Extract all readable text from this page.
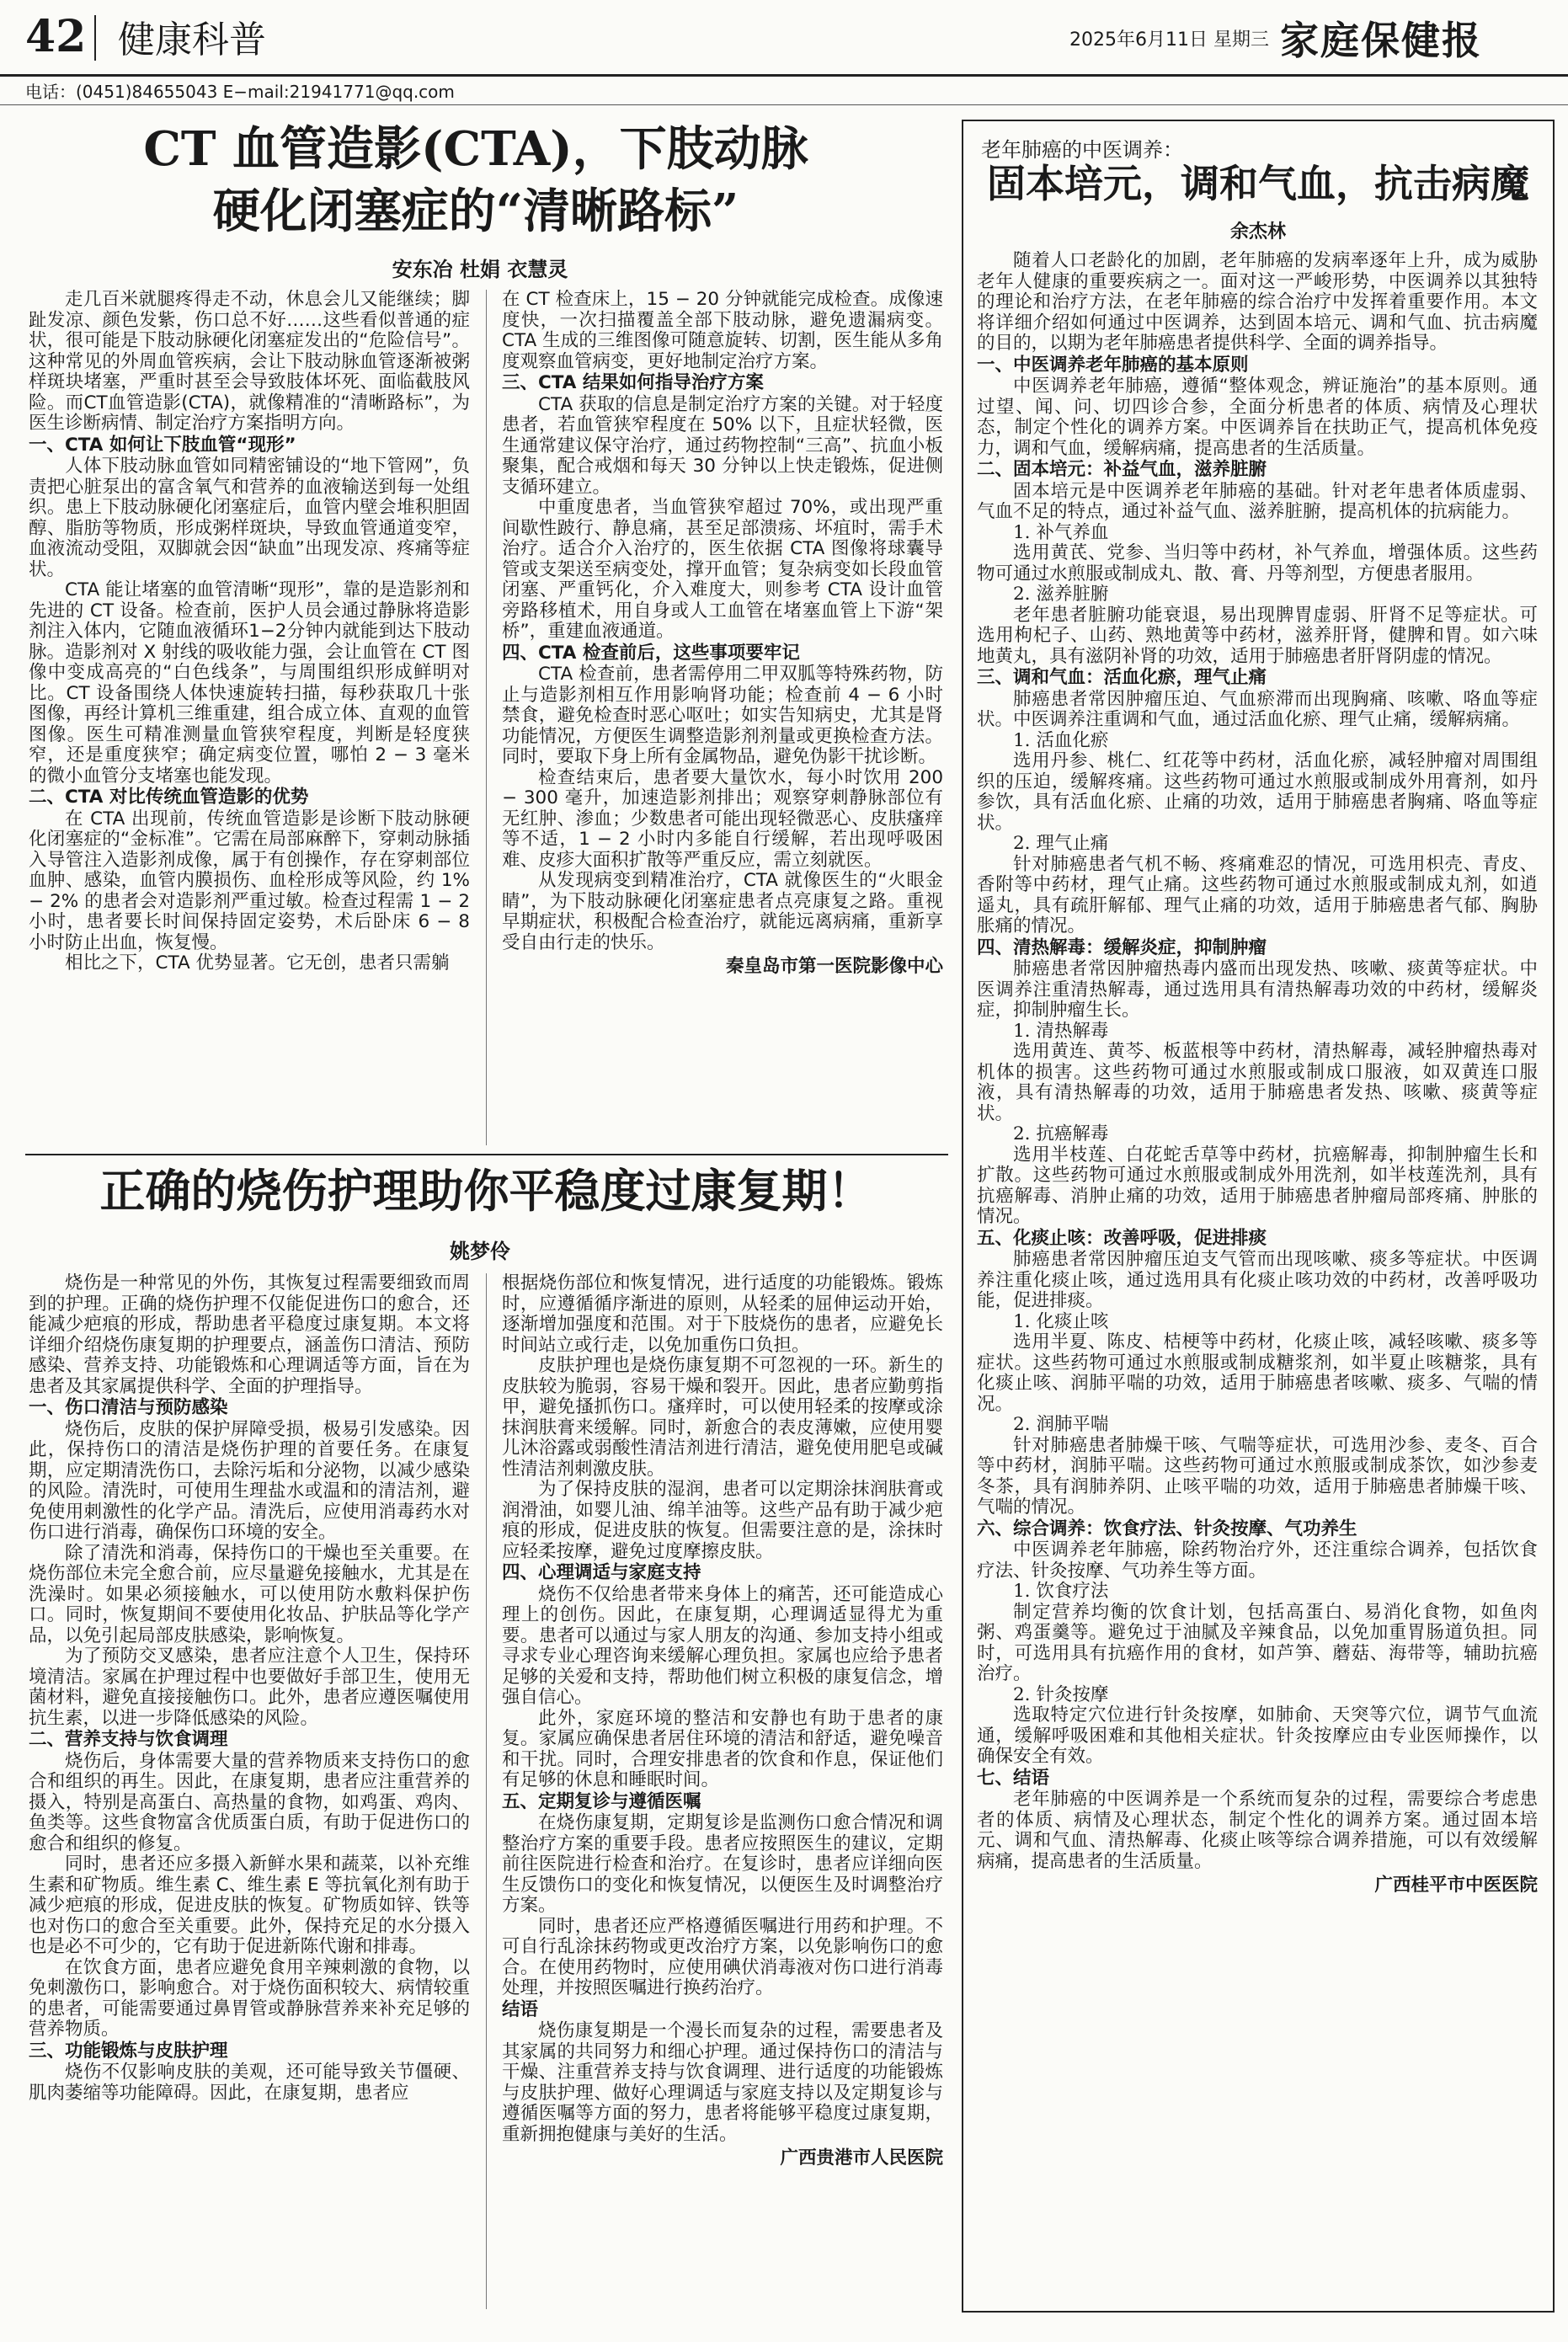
42 健康科普	2025年6月11日 星期三 家庭保健报
电话：(0451)84655043 E−mail:21941771@qq.com
CT 血管造影(CTA)，下肢动脉
硬化闭塞症的“清晰路标”
安东冶 杜娟 衣慧灵

走几百米就腿疼得走不动，休息会儿又能继续；脚趾发凉、颜色发紫，伤口总不好……这些看似普通的症状，很可能是下肢动脉硬化闭塞症发出的“危险信号”。这种常见的外周血管疾病，会让下肢动脉血管逐渐被粥样斑块堵塞，严重时甚至会导致肢体坏死、面临截肢风险。而CT血管造影(CTA)，就像精准的“清晰路标”，为医生诊断病情、制定治疗方案指明方向。

一、CTA 如何让下肢血管“现形”

人体下肢动脉血管如同精密铺设的“地下管网”，负责把心脏泵出的富含氧气和营养的血液输送到每一处组织。患上下肢动脉硬化闭塞症后，血管内壁会堆积胆固醇、脂肪等物质，形成粥样斑块，导致血管通道变窄，血液流动受阻，双脚就会因“缺血”出现发凉、疼痛等症状。

CTA 能让堵塞的血管清晰“现形”，靠的是造影剂和先进的 CT 设备。检查前，医护人员会通过静脉将造影剂注入体内，它随血液循环1−2分钟内就能到达下肢动脉。造影剂对 X 射线的吸收能力强，会让血管在 CT 图像中变成高亮的“白色线条”，与周围组织形成鲜明对比。CT 设备围绕人体快速旋转扫描，每秒获取几十张图像，再经计算机三维重建，组合成立体、直观的血管图像。医生可精准测量血管狭窄程度，判断是轻度狭窄，还是重度狭窄；确定病变位置，哪怕 2 − 3 毫米的微小血管分支堵塞也能发现。

二、CTA 对比传统血管造影的优势

在 CTA 出现前，传统血管造影是诊断下肢动脉硬化闭塞症的“金标准”。它需在局部麻醉下，穿刺动脉插入导管注入造影剂成像，属于有创操作，存在穿刺部位血肿、感染，血管内膜损伤、血栓形成等风险，约 1% − 2% 的患者会对造影剂严重过敏。检查过程需 1 − 2 小时，患者要长时间保持固定姿势，术后卧床 6 − 8 小时防止出血，恢复慢。

相比之下，CTA 优势显著。它无创，患者只需躺

在 CT 检查床上，15 − 20 分钟就能完成检查。成像速度快，一次扫描覆盖全部下肢动脉，避免遗漏病变。CTA 生成的三维图像可随意旋转、切割，医生能从多角度观察血管病变，更好地制定治疗方案。

三、CTA 结果如何指导治疗方案

CTA 获取的信息是制定治疗方案的关键。对于轻度患者，若血管狭窄程度在 50% 以下，且症状轻微，医生通常建议保守治疗，通过药物控制“三高”、抗血小板聚集，配合戒烟和每天 30 分钟以上快走锻炼，促进侧支循环建立。

中重度患者，当血管狭窄超过 70%，或出现严重间歇性跛行、静息痛，甚至足部溃疡、坏疽时，需手术治疗。适合介入治疗的，医生依据 CTA 图像将球囊导管或支架送至病变处，撑开血管；复杂病变如长段血管闭塞、严重钙化，介入难度大，则参考 CTA 设计血管旁路移植术，用自身或人工血管在堵塞血管上下游“架桥”，重建血液通道。

四、CTA 检查前后，这些事项要牢记

CTA 检查前，患者需停用二甲双胍等特殊药物，防止与造影剂相互作用影响肾功能；检查前 4 − 6 小时禁食，避免检查时恶心呕吐；如实告知病史，尤其是肾功能情况，方便医生调整造影剂剂量或更换检查方法。同时，要取下身上所有金属物品，避免伪影干扰诊断。

检查结束后，患者要大量饮水，每小时饮用 200 − 300 毫升，加速造影剂排出；观察穿刺静脉部位有无红肿、渗血；少数患者可能出现轻微恶心、皮肤瘙痒等不适，1 − 2 小时内多能自行缓解，若出现呼吸困难、皮疹大面积扩散等严重反应，需立刻就医。

从发现病变到精准治疗，CTA 就像医生的“火眼金睛”，为下肢动脉硬化闭塞症患者点亮康复之路。重视早期症状，积极配合检查治疗，就能远离病痛，重新享受自由行走的快乐。

秦皇岛市第一医院影像中心
正确的烧伤护理助你平稳度过康复期！
姚梦伶

烧伤是一种常见的外伤，其恢复过程需要细致而周到的护理。正确的烧伤护理不仅能促进伤口的愈合，还能减少疤痕的形成，帮助患者平稳度过康复期。本文将详细介绍烧伤康复期的护理要点，涵盖伤口清洁、预防感染、营养支持、功能锻炼和心理调适等方面，旨在为患者及其家属提供科学、全面的护理指导。

一、伤口清洁与预防感染

烧伤后，皮肤的保护屏障受损，极易引发感染。因此，保持伤口的清洁是烧伤护理的首要任务。在康复期，应定期清洗伤口，去除污垢和分泌物，以减少感染的风险。清洗时，可使用生理盐水或温和的清洁剂，避免使用刺激性的化学产品。清洗后，应使用消毒药水对伤口进行消毒，确保伤口环境的安全。

除了清洗和消毒，保持伤口的干燥也至关重要。在烧伤部位未完全愈合前，应尽量避免接触水，尤其是在洗澡时。如果必须接触水，可以使用防水敷料保护伤口。同时，恢复期间不要使用化妆品、护肤品等化学产品，以免引起局部皮肤感染，影响恢复。

为了预防交叉感染，患者应注意个人卫生，保持环境清洁。家属在护理过程中也要做好手部卫生，使用无菌材料，避免直接接触伤口。此外，患者应遵医嘱使用抗生素，以进一步降低感染的风险。

二、营养支持与饮食调理

烧伤后，身体需要大量的营养物质来支持伤口的愈合和组织的再生。因此，在康复期，患者应注重营养的摄入，特别是高蛋白、高热量的食物，如鸡蛋、鸡肉、鱼类等。这些食物富含优质蛋白质，有助于促进伤口的愈合和组织的修复。

同时，患者还应多摄入新鲜水果和蔬菜，以补充维生素和矿物质。维生素 C、维生素 E 等抗氧化剂有助于减少疤痕的形成，促进皮肤的恢复。矿物质如锌、铁等也对伤口的愈合至关重要。此外，保持充足的水分摄入也是必不可少的，它有助于促进新陈代谢和排毒。

在饮食方面，患者应避免食用辛辣刺激的食物，以免刺激伤口，影响愈合。对于烧伤面积较大、病情较重的患者，可能需要通过鼻胃管或静脉营养来补充足够的营养物质。

三、功能锻炼与皮肤护理

烧伤不仅影响皮肤的美观，还可能导致关节僵硬、肌肉萎缩等功能障碍。因此，在康复期，患者应

根据烧伤部位和恢复情况，进行适度的功能锻炼。锻炼时，应遵循循序渐进的原则，从轻柔的屈伸运动开始，逐渐增加强度和范围。对于下肢烧伤的患者，应避免长时间站立或行走，以免加重伤口负担。

皮肤护理也是烧伤康复期不可忽视的一环。新生的皮肤较为脆弱，容易干燥和裂开。因此，患者应勤剪指甲，避免搔抓伤口。瘙痒时，可以使用轻柔的按摩或涂抹润肤膏来缓解。同时，新愈合的表皮薄嫩，应使用婴儿沐浴露或弱酸性清洁剂进行清洁，避免使用肥皂或碱性清洁剂刺激皮肤。

为了保持皮肤的湿润，患者可以定期涂抹润肤膏或润滑油，如婴儿油、绵羊油等。这些产品有助于减少疤痕的形成，促进皮肤的恢复。但需要注意的是，涂抹时应轻柔按摩，避免过度摩擦皮肤。

四、心理调适与家庭支持

烧伤不仅给患者带来身体上的痛苦，还可能造成心理上的创伤。因此，在康复期，心理调适显得尤为重要。患者可以通过与家人朋友的沟通、参加支持小组或寻求专业心理咨询来缓解心理负担。家属也应给予患者足够的关爱和支持，帮助他们树立积极的康复信念，增强自信心。

此外，家庭环境的整洁和安静也有助于患者的康复。家属应确保患者居住环境的清洁和舒适，避免噪音和干扰。同时，合理安排患者的饮食和作息，保证他们有足够的休息和睡眠时间。

五、定期复诊与遵循医嘱

在烧伤康复期，定期复诊是监测伤口愈合情况和调整治疗方案的重要手段。患者应按照医生的建议，定期前往医院进行检查和治疗。在复诊时，患者应详细向医生反馈伤口的变化和恢复情况，以便医生及时调整治疗方案。

同时，患者还应严格遵循医嘱进行用药和护理。不可自行乱涂抹药物或更改治疗方案，以免影响伤口的愈合。在使用药物时，应使用碘伏消毒液对伤口进行消毒处理，并按照医嘱进行换药治疗。

结语

烧伤康复期是一个漫长而复杂的过程，需要患者及其家属的共同努力和细心护理。通过保持伤口的清洁与干燥、注重营养支持与饮食调理、进行适度的功能锻炼与皮肤护理、做好心理调适与家庭支持以及定期复诊与遵循医嘱等方面的努力，患者将能够平稳度过康复期，重新拥抱健康与美好的生活。

广西贵港市人民医院
老年肺癌的中医调养：
固本培元，调和气血，抗击病魔
余杰林

随着人口老龄化的加剧，老年肺癌的发病率逐年上升，成为威胁老年人健康的重要疾病之一。面对这一严峻形势，中医调养以其独特的理论和治疗方法，在老年肺癌的综合治疗中发挥着重要作用。本文将详细介绍如何通过中医调养，达到固本培元、调和气血、抗击病魔的目的，以期为老年肺癌患者提供科学、全面的调养指导。

一、中医调养老年肺癌的基本原则

中医调养老年肺癌，遵循“整体观念，辨证施治”的基本原则。通过望、闻、问、切四诊合参，全面分析患者的体质、病情及心理状态，制定个性化的调养方案。中医调养旨在扶助正气，提高机体免疫力，调和气血，缓解病痛，提高患者的生活质量。

二、固本培元：补益气血，滋养脏腑

固本培元是中医调养老年肺癌的基础。针对老年患者体质虚弱、气血不足的特点，通过补益气血、滋养脏腑，提高机体的抗病能力。

1. 补气养血

选用黄芪、党参、当归等中药材，补气养血，增强体质。这些药物可通过水煎服或制成丸、散、膏、丹等剂型，方便患者服用。

2. 滋养脏腑

老年患者脏腑功能衰退，易出现脾胃虚弱、肝肾不足等症状。可选用枸杞子、山药、熟地黄等中药材，滋养肝肾，健脾和胃。如六味地黄丸，具有滋阴补肾的功效，适用于肺癌患者肝肾阴虚的情况。

三、调和气血：活血化瘀，理气止痛

肺癌患者常因肿瘤压迫、气血瘀滞而出现胸痛、咳嗽、咯血等症状。中医调养注重调和气血，通过活血化瘀、理气止痛，缓解病痛。

1. 活血化瘀

选用丹参、桃仁、红花等中药材，活血化瘀，减轻肿瘤对周围组织的压迫，缓解疼痛。这些药物可通过水煎服或制成外用膏剂，如丹参饮，具有活血化瘀、止痛的功效，适用于肺癌患者胸痛、咯血等症状。

2. 理气止痛

针对肺癌患者气机不畅、疼痛难忍的情况，可选用枳壳、青皮、香附等中药材，理气止痛。这些药物可通过水煎服或制成丸剂，如逍遥丸，具有疏肝解郁、理气止痛的功效，适用于肺癌患者气郁、胸胁胀痛的情况。

四、清热解毒：缓解炎症，抑制肿瘤

肺癌患者常因肿瘤热毒内盛而出现发热、咳嗽、痰黄等症状。中医调养注重清热解毒，通过选用具有清热解毒功效的中药材，缓解炎症，抑制肿瘤生长。

1. 清热解毒

选用黄连、黄芩、板蓝根等中药材，清热解毒，减轻肿瘤热毒对机体的损害。这些药物可通过水煎服或制成口服液，如双黄连口服液，具有清热解毒的功效，适用于肺癌患者发热、咳嗽、痰黄等症状。

2. 抗癌解毒

选用半枝莲、白花蛇舌草等中药材，抗癌解毒，抑制肿瘤生长和扩散。这些药物可通过水煎服或制成外用洗剂，如半枝莲洗剂，具有抗癌解毒、消肿止痛的功效，适用于肺癌患者肿瘤局部疼痛、肿胀的情况。

五、化痰止咳：改善呼吸，促进排痰

肺癌患者常因肿瘤压迫支气管而出现咳嗽、痰多等症状。中医调养注重化痰止咳，通过选用具有化痰止咳功效的中药材，改善呼吸功能，促进排痰。

1. 化痰止咳

选用半夏、陈皮、桔梗等中药材，化痰止咳，减轻咳嗽、痰多等症状。这些药物可通过水煎服或制成糖浆剂，如半夏止咳糖浆，具有化痰止咳、润肺平喘的功效，适用于肺癌患者咳嗽、痰多、气喘的情况。

2. 润肺平喘

针对肺癌患者肺燥干咳、气喘等症状，可选用沙参、麦冬、百合等中药材，润肺平喘。这些药物可通过水煎服或制成茶饮，如沙参麦冬茶，具有润肺养阴、止咳平喘的功效，适用于肺癌患者肺燥干咳、气喘的情况。

六、综合调养：饮食疗法、针灸按摩、气功养生

中医调养老年肺癌，除药物治疗外，还注重综合调养，包括饮食疗法、针灸按摩、气功养生等方面。

1. 饮食疗法

制定营养均衡的饮食计划，包括高蛋白、易消化食物，如鱼肉粥、鸡蛋羹等。避免过于油腻及辛辣食品，以免加重胃肠道负担。同时，可选用具有抗癌作用的食材，如芦笋、蘑菇、海带等，辅助抗癌治疗。

2. 针灸按摩

选取特定穴位进行针灸按摩，如肺俞、天突等穴位，调节气血流通，缓解呼吸困难和其他相关症状。针灸按摩应由专业医师操作，以确保安全有效。

七、结语

老年肺癌的中医调养是一个系统而复杂的过程，需要综合考虑患者的体质、病情及心理状态，制定个性化的调养方案。通过固本培元、调和气血、清热解毒、化痰止咳等综合调养措施，可以有效缓解病痛，提高患者的生活质量。

广西桂平市中医医院
